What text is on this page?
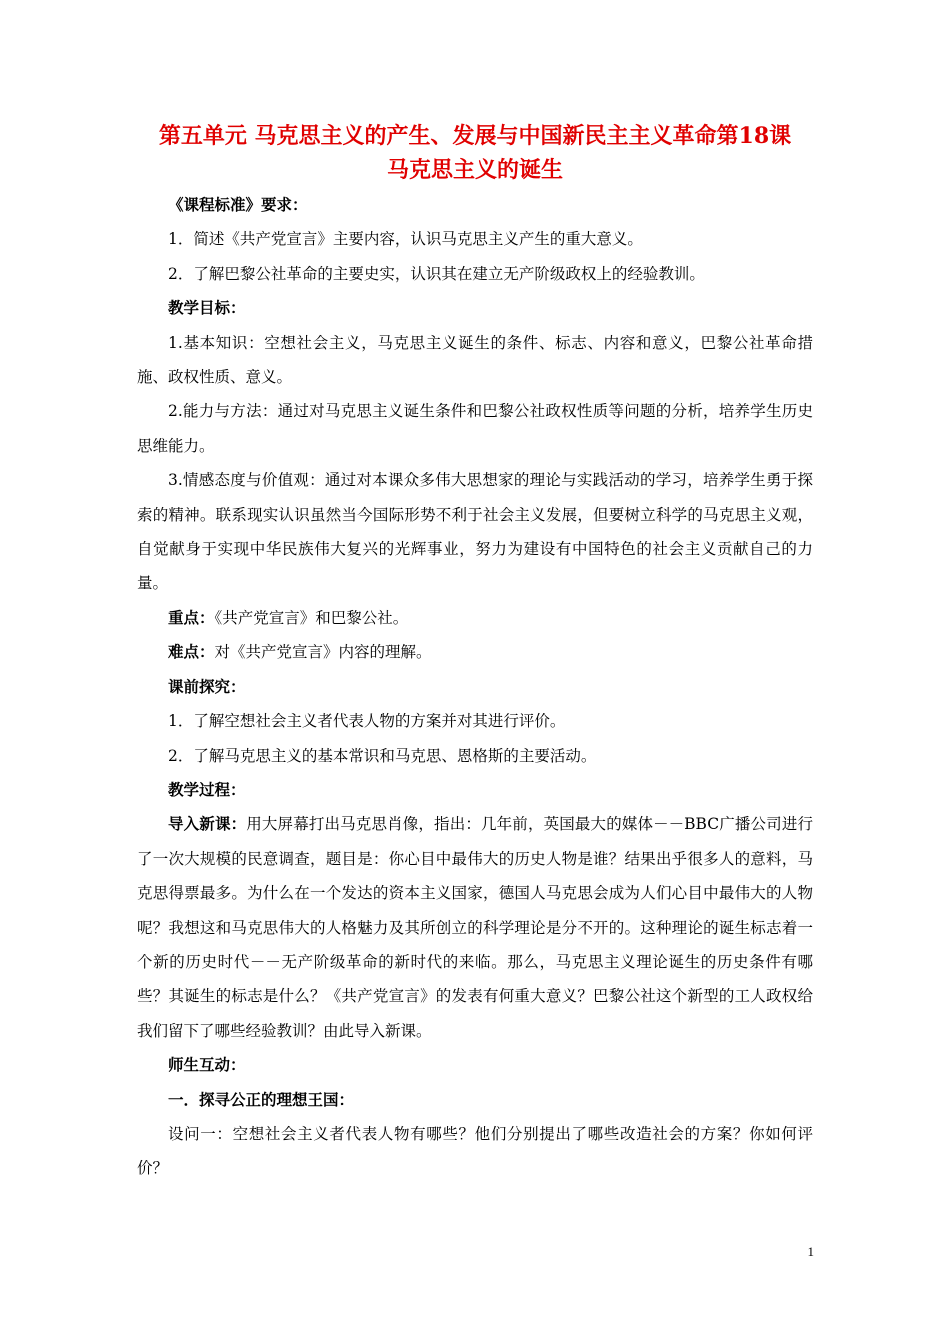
第五单元 马克思主义的产生、发展与中国新民主主义革命第18课
马克思主义的诞生

《课程标准》要求：

1．简述《共产党宣言》主要内容，认识马克思主义产生的重大意义。

2．了解巴黎公社革命的主要史实，认识其在建立无产阶级政权上的经验教训。

教学目标：

1.基本知识：空想社会主义，马克思主义诞生的条件、标志、内容和意义，巴黎公社革命措施、政权性质、意义。

2.能力与方法：通过对马克思主义诞生条件和巴黎公社政权性质等问题的分析，培养学生历史思维能力。

3.情感态度与价值观：通过对本课众多伟大思想家的理论与实践活动的学习，培养学生勇于探索的精神。联系现实认识虽然当今国际形势不利于社会主义发展，但要树立科学的马克思主义观，自觉献身于实现中华民族伟大复兴的光辉事业，努力为建设有中国特色的社会主义贡献自己的力量。

重点：《共产党宣言》和巴黎公社。

难点：对《共产党宣言》内容的理解。

课前探究：

1．了解空想社会主义者代表人物的方案并对其进行评价。

2．了解马克思主义的基本常识和马克思、恩格斯的主要活动。

教学过程：

导入新课：用大屏幕打出马克思肖像，指出：几年前，英国最大的媒体－－BBC广播公司进行了一次大规模的民意调查，题目是：你心目中最伟大的历史人物是谁？结果出乎很多人的意料，马克思得票最多。为什么在一个发达的资本主义国家，德国人马克思会成为人们心目中最伟大的人物呢？我想这和马克思伟大的人格魅力及其所创立的科学理论是分不开的。这种理论的诞生标志着一个新的历史时代－－无产阶级革命的新时代的来临。那么，马克思主义理论诞生的历史条件有哪些？其诞生的标志是什么？《共产党宣言》的发表有何重大意义？巴黎公社这个新型的工人政权给我们留下了哪些经验教训？由此导入新课。

师生互动：

一．探寻公正的理想王国：

设问一：空想社会主义者代表人物有哪些？他们分别提出了哪些改造社会的方案？你如何评价？

1
